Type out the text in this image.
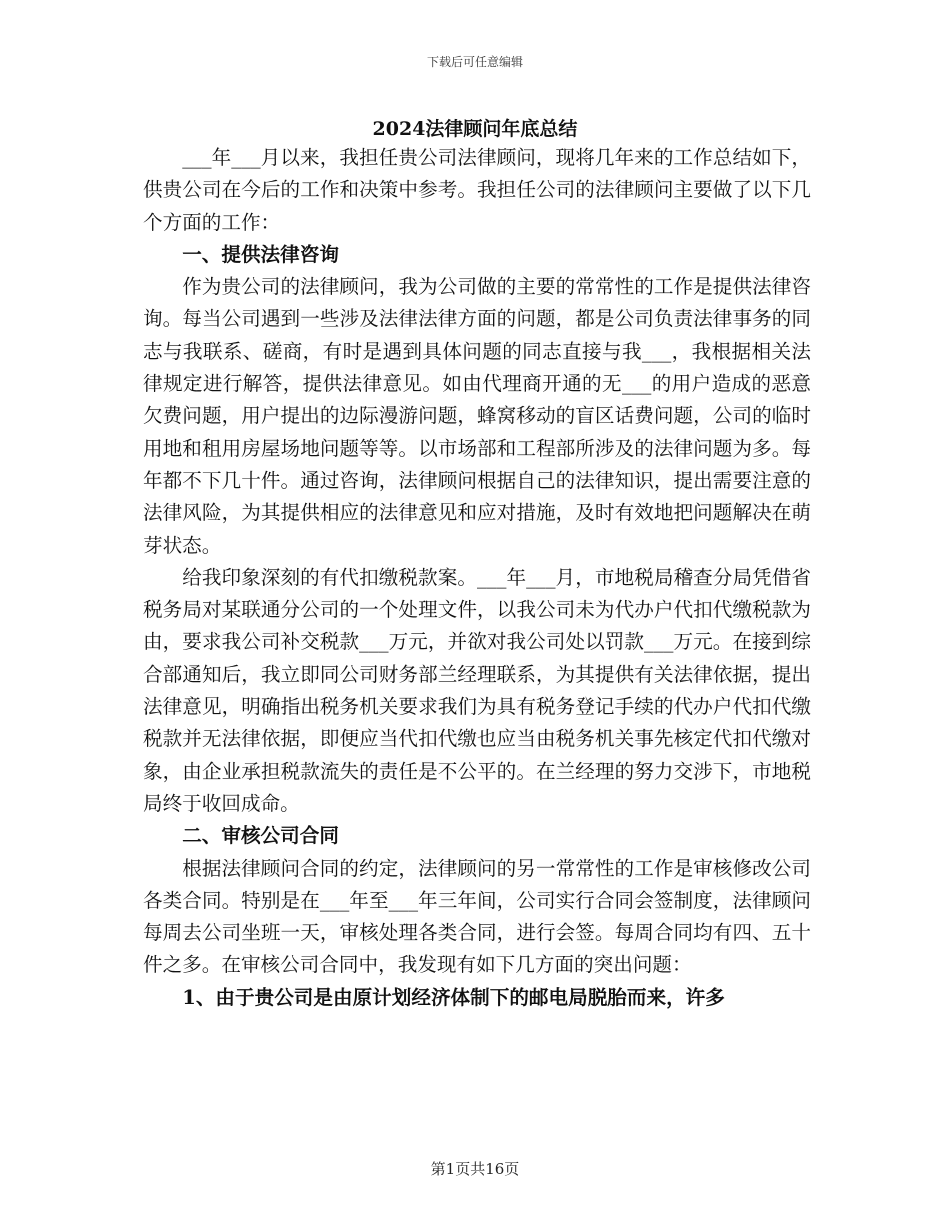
下载后可任意编辑
2024法律顾问年底总结

___年___月以来，我担任贵公司法律顾问，现将几年来的工作总结如下，供贵公司在今后的工作和决策中参考。我担任公司的法律顾问主要做了以下几个方面的工作：

一、提供法律咨询

作为贵公司的法律顾问，我为公司做的主要的常常性的工作是提供法律咨询。每当公司遇到一些涉及法律法律方面的问题，都是公司负责法律事务的同志与我联系、磋商，有时是遇到具体问题的同志直接与我___，我根据相关法律规定进行解答，提供法律意见。如由代理商开通的无___的用户造成的恶意欠费问题，用户提出的边际漫游问题，蜂窝移动的盲区话费问题，公司的临时用地和租用房屋场地问题等等。以市场部和工程部所涉及的法律问题为多。每年都不下几十件。通过咨询，法律顾问根据自己的法律知识，提出需要注意的法律风险，为其提供相应的法律意见和应对措施，及时有效地把问题解决在萌芽状态。

给我印象深刻的有代扣缴税款案。___年___月，市地税局稽查分局凭借省税务局对某联通分公司的一个处理文件，以我公司未为代办户代扣代缴税款为由，要求我公司补交税款___万元，并欲对我公司处以罚款___万元。在接到综合部通知后，我立即同公司财务部兰经理联系，为其提供有关法律依据，提出法律意见，明确指出税务机关要求我们为具有税务登记手续的代办户代扣代缴税款并无法律依据，即便应当代扣代缴也应当由税务机关事先核定代扣代缴对象，由企业承担税款流失的责任是不公平的。在兰经理的努力交涉下，市地税局终于收回成命。

二、审核公司合同

根据法律顾问合同的约定，法律顾问的另一常常性的工作是审核修改公司各类合同。特别是在___年至___年三年间，公司实行合同会签制度，法律顾问每周去公司坐班一天，审核处理各类合同，进行会签。每周合同均有四、五十件之多。在审核公司合同中，我发现有如下几方面的突出问题：

1、由于贵公司是由原计划经济体制下的邮电局脱胎而来，许多

第1页共16页
